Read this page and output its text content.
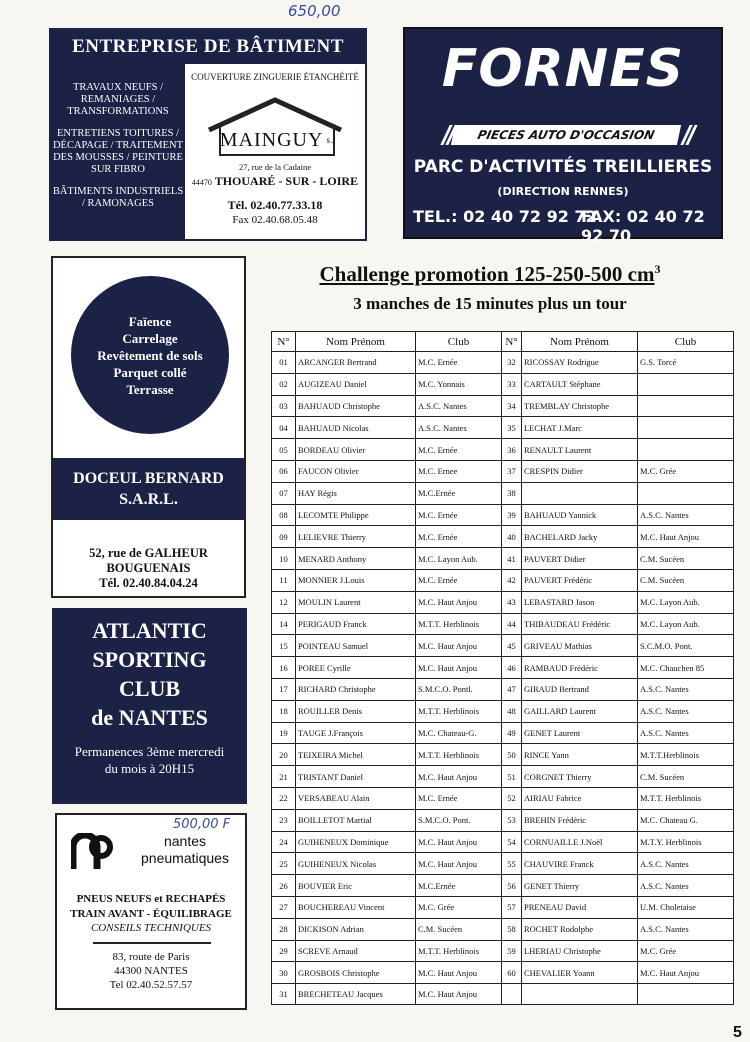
650,00
ENTREPRISE DE BÂTIMENT
TRAVAUX NEUFS / REMANIAGES / TRANSFORMATIONS
ENTRETIENS TOITURES / DÉCAPAGE / TRAITEMENT DES MOUSSES / PEINTURE SUR FIBRO
BÂTIMENTS INDUSTRIELS / RAMONAGES
COUVERTURE ZINGUERIE ÉTANCHÉITÉ
MAINGUY s.
27, rue de la Cadaine
44470 THOUARÉ - SUR - LOIRE
Tél. 02.40.77.33.18
Fax 02.40.68.05.48
FORNES
PIECES AUTO D'OCCASION
PARC D'ACTIVITÉS TREILLIERES
(DIRECTION RENNES)
TEL.: 02 40 72 92 72
FAX: 02 40 72 92 70
Faïence
Carrelage
Revêtement de sols
Parquet collé
Terrasse
DOCEUL BERNARD
S.A.R.L.
52, rue de GALHEUR
BOUGUENAIS
Tél. 02.40.84.04.24
ATLANTIC
SPORTING
CLUB
de NANTES
Permanences 3ème mercredi
du mois à 20H15
500,00 F
nantes
pneumatiques
PNEUS NEUFS et RECHAPÉS
TRAIN AVANT - ÉQUILIBRAGE
CONSEILS TECHNIQUES
83, route de Paris
44300 NANTES
Tel 02.40.52.57.57
Challenge promotion 125-250-500 $cm^3$
3 manches de 15 minutes plus un tour
N°	Nom Prénom	Club	N°	Nom Prénom	Club
01	ARCANGER Bertrand	M.C. Ernée	32	RICOSSAY Rodrigue	G.S. Torcé
02	AUGIZEAU Daniel	M.C. Yonnais	33	CARTAULT Stéphane	
03	BAHUAUD Christophe	A.S.C. Nantes	34	TREMBLAY Christophe	
04	BAHUAUD Nicolas	A.S.C. Nantes	35	LECHAT J.Marc	
05	BORDEAU Olivier	M.C. Ernée	36	RENAULT Laurent	
06	FAUCON Olivier	M.C. Ernee	37	CRESPIN Didier	M.C. Grée
07	HAY Régis	M.C.Ernée	38		
08	LECOMTE Philippe	M.C. Ernée	39	BAHUAUD Yannick	A.S.C. Nantes
09	LELIEVRE Thierry	M.C. Ernée	40	BACHELARD Jacky	M.C. Haut Anjou
10	MENARD Anthony	M.C. Layon Aub.	41	PAUVERT Didier	C.M. Sucéen
11	MONNIER J.Louis	M.C. Ernée	42	PAUVERT Frédéric	C.M. Sucéen
12	MOULIN Laurent	M.C. Haut Anjou	43	LEBASTARD Jason	M.C. Layon Aub.
14	PERIGAUD Franck	M.T.T. Herblinois	44	THIBAUDEAU Frédéric	M.C. Layon Aub.
15	POINTEAU Samuel	M.C. Haut Anjou	45	GRIVEAU Mathias	S.C.M.O. Pont.
16	POREE Cyrille	M.C. Haut Anjou	46	RAMBAUD Frédéric	M.C. Chauchen 85
17	RICHARD Christophe	S.M.C.O. Pontl.	47	GIRAUD Bertrand	A.S.C. Nantes
18	ROUILLER Denis	M.T.T. Herblinois	48	GAILLARD Laurent	A.S.C. Nantes
19	TAUGE J.François	M.C. Chateau-G.	49	GENET Laurent	A.S.C. Nantes
20	TEIXEIRA Michel	M.T.T. Herblinois	50	RINCE Yann	M.T.T.Herblinois
21	TRISTANT Daniel	M.C. Haut Anjou	51	CORGNET Thierry	C.M. Sucéen
22	VERSABEAU Alain	M.C. Ernée	52	AIRIAU Fabrice	M.T.T. Herblinois
23	BOILLETOT Martial	S.M.C.O. Pont.	53	BREHIN Frédéric	M.C. Chateau G.
24	GUIHENEUX Dominique	M.C. Haut Anjou	54	CORNUAILLE J.Noël	M.T.Y. Herblinois
25	GUIHENEUX Nicolas	M.C. Haut Anjou	55	CHAUVIRE Franck	A.S.C. Nantes
26	BOUVIER Eric	M.C.Ernée	56	GENET Thierry	A.S.C. Nantes
27	BOUCHEREAU Vincent	M.C. Grée	57	PRENEAU David	U.M. Choletaise
28	DICKISON Adrian	C.M. Sucéen	58	ROCHET Rodolphe	A.S.C. Nantes
29	SCREVE Arnaud	M.T.T. Herblinois	59	LHERIAU Christophe	M.C. Grée
30	GROSBOIS Christophe	M.C. Haut Anjou	60	CHEVALIER Yoann	M.C. Haut Anjou
31	BRECHETEAU Jacques	M.C. Haut Anjou			
5
